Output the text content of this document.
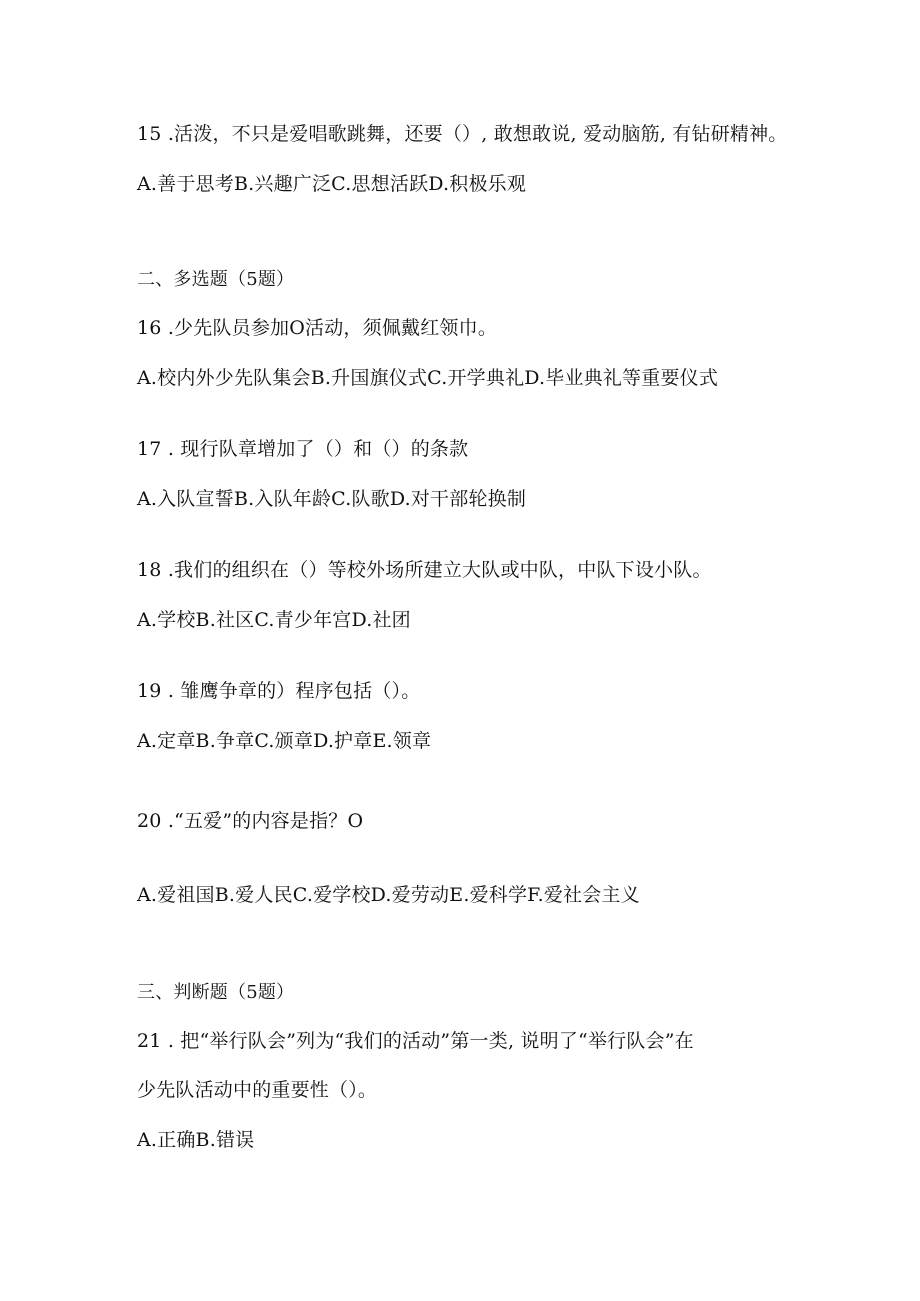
15 .活泼，不只是爱唱歌跳舞，还要（）, 敢想敢说, 爱动脑筋, 有钻研精神。

A.善于思考B.兴趣广泛C.思想活跃D.积极乐观

二、多选题（5题）

16 .少先队员参加O活动，须佩戴红领巾。

A.校内外少先队集会B.升国旗仪式C.开学典礼D.毕业典礼等重要仪式

17 . 现行队章增加了（）和（）的条款

A.入队宣誓B.入队年龄C.队歌D.对干部轮换制

18 .我们的组织在（）等校外场所建立大队或中队，中队下设小队。

A.学校B.社区C.青少年宫D.社团

19 . 雏鹰争章的）程序包括（）。

A.定章B.争章C.颁章D.护章E.领章

20 .“五爱”的内容是指？O

A.爱祖国B.爱人民C.爱学校D.爱劳动E.爱科学F.爱社会主义

三、判断题（5题）

21 . 把“举行队会”列为“我们的活动”第一类, 说明了“举行队会”在

少先队活动中的重要性（）。

A.正确B.错误
